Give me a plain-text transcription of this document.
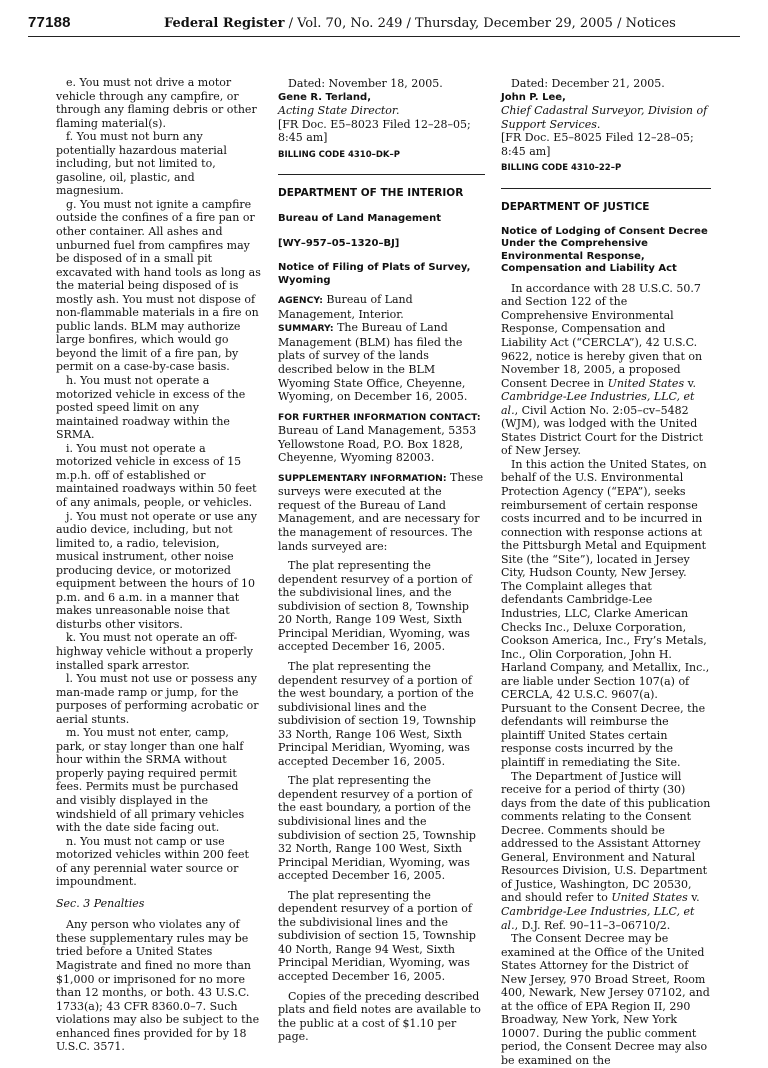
77188	Federal Register / Vol. 70, No. 249 / Thursday, December 29, 2005 / Notices

e. You must not drive a motor vehicle through any campfire, or through any flaming debris or other flaming material(s).

f. You must not burn any potentially hazardous material including, but not limited to, gasoline, oil, plastic, and magnesium.

g. You must not ignite a campfire outside the confines of a fire pan or other container. All ashes and unburned fuel from campfires may be disposed of in a small pit excavated with hand tools as long as the material being disposed of is mostly ash. You must not dispose of non-flammable materials in a fire on public lands. BLM may authorize large bonfires, which would go beyond the limit of a fire pan, by permit on a case-by-case basis.

h. You must not operate a motorized vehicle in excess of the posted speed limit on any maintained roadway within the SRMA.

i. You must not operate a motorized vehicle in excess of 15 m.p.h. off of established or maintained roadways within 50 feet of any animals, people, or vehicles.

j. You must not operate or use any audio device, including, but not limited to, a radio, television, musical instrument, other noise producing device, or motorized equipment between the hours of 10 p.m. and 6 a.m. in a manner that makes unreasonable noise that disturbs other visitors.

k. You must not operate an off-highway vehicle without a properly installed spark arrestor.

l. You must not use or possess any man-made ramp or jump, for the purposes of performing acrobatic or aerial stunts.

m. You must not enter, camp, park, or stay longer than one half hour within the SRMA without properly paying required permit fees. Permits must be purchased and visibly displayed in the windshield of all primary vehicles with the date side facing out.

n. You must not camp or use motorized vehicles within 200 feet of any perennial water source or impoundment.

Sec. 3 Penalties

Any person who violates any of these supplementary rules may be tried before a United States Magistrate and fined no more than $1,000 or imprisoned for no more than 12 months, or both. 43 U.S.C. 1733(a); 43 CFR 8360.0–7. Such violations may also be subject to the enhanced fines provided for by 18 U.S.C. 3571.

Dated: November 18, 2005.

Gene R. Terland,

Acting State Director.

[FR Doc. E5–8023 Filed 12–28–05; 8:45 am]

BILLING CODE 4310–DK–P

DEPARTMENT OF THE INTERIOR

Bureau of Land Management

[WY–957–05–1320–BJ]

Notice of Filing of Plats of Survey, Wyoming

AGENCY: Bureau of Land Management, Interior.

SUMMARY: The Bureau of Land Management (BLM) has filed the plats of survey of the lands described below in the BLM Wyoming State Office, Cheyenne, Wyoming, on December 16, 2005.

FOR FURTHER INFORMATION CONTACT:

Bureau of Land Management, 5353 Yellowstone Road, P.O. Box 1828, Cheyenne, Wyoming 82003.

SUPPLEMENTARY INFORMATION: These surveys were executed at the request of the Bureau of Land Management, and are necessary for the management of resources. The lands surveyed are:

The plat representing the dependent resurvey of a portion of the subdivisional lines, and the subdivision of section 8, Township 20 North, Range 109 West, Sixth Principal Meridian, Wyoming, was accepted December 16, 2005.

The plat representing the dependent resurvey of a portion of the west boundary, a portion of the subdivisional lines and the subdivision of section 19, Township 33 North, Range 106 West, Sixth Principal Meridian, Wyoming, was accepted December 16, 2005.

The plat representing the dependent resurvey of a portion of the east boundary, a portion of the subdivisional lines and the subdivision of section 25, Township 32 North, Range 100 West, Sixth Principal Meridian, Wyoming, was accepted December 16, 2005.

The plat representing the dependent resurvey of a portion of the subdivisional lines and the subdivision of section 15, Township 40 North, Range 94 West, Sixth Principal Meridian, Wyoming, was accepted December 16, 2005.

Copies of the preceding described plats and field notes are available to the public at a cost of $1.10 per page.

Dated: December 21, 2005.

John P. Lee,

Chief Cadastral Surveyor, Division of Support Services.

[FR Doc. E5–8025 Filed 12–28–05; 8:45 am]

BILLING CODE 4310–22–P

DEPARTMENT OF JUSTICE

Notice of Lodging of Consent Decree Under the Comprehensive Environmental Response, Compensation and Liability Act

In accordance with 28 U.S.C. 50.7 and Section 122 of the Comprehensive Environmental Response, Compensation and Liability Act (“CERCLA”), 42 U.S.C. 9622, notice is hereby given that on November 18, 2005, a proposed Consent Decree in United States v. Cambridge-Lee Industries, LLC, et al., Civil Action No. 2:05–cv–5482 (WJM), was lodged with the United States District Court for the District of New Jersey.

In this action the United States, on behalf of the U.S. Environmental Protection Agency (“EPA”), seeks reimbursement of certain response costs incurred and to be incurred in connection with response actions at the Pittsburgh Metal and Equipment Site (the “Site”), located in Jersey City, Hudson County, New Jersey. The Complaint alleges that defendants Cambridge-Lee Industries, LLC, Clarke American Checks Inc., Deluxe Corporation, Cookson America, Inc., Fry’s Metals, Inc., Olin Corporation, John H. Harland Company, and Metallix, Inc., are liable under Section 107(a) of CERCLA, 42 U.S.C. 9607(a). Pursuant to the Consent Decree, the defendants will reimburse the plaintiff United States certain response costs incurred by the plaintiff in remediating the Site.

The Department of Justice will receive for a period of thirty (30) days from the date of this publication comments relating to the Consent Decree. Comments should be addressed to the Assistant Attorney General, Environment and Natural Resources Division, U.S. Department of Justice, Washington, DC 20530, and should refer to United States v. Cambridge-Lee Industries, LLC, et al., D.J. Ref. 90–11–3–06710/2.

The Consent Decree may be examined at the Office of the United States Attorney for the District of New Jersey, 970 Broad Street, Room 400, Newark, New Jersey 07102, and at the office of EPA Region II, 290 Broadway, New York, New York 10007. During the public comment period, the Consent Decree may also be examined on the
